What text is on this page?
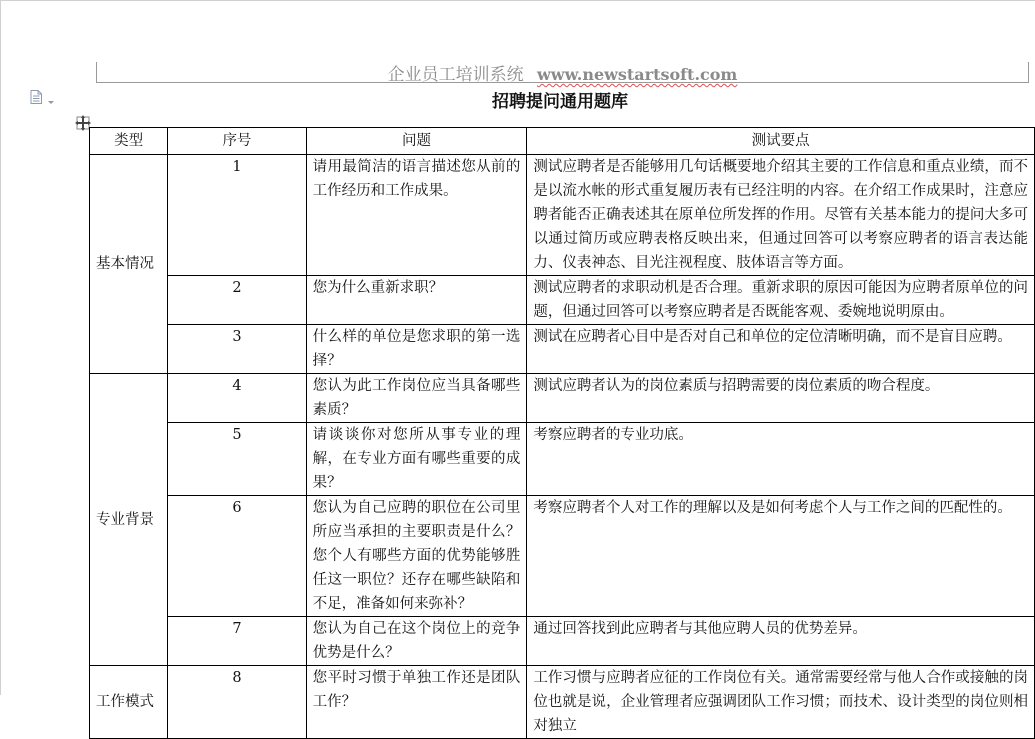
企业员工培训系统 www.newstartsoft.com
招聘提问通用题库
类型	序号	问题	测试要点
基本情况	1	请用最简洁的语言描述您从前的工作经历和工作成果。	测试应聘者是否能够用几句话概要地介绍其主要的工作信息和重点业绩，而不是以流水帐的形式重复履历表有已经注明的内容。在介绍工作成果时，注意应聘者能否正确表述其在原单位所发挥的作用。尽管有关基本能力的提问大多可以通过简历或应聘表格反映出来，但通过回答可以考察应聘者的语言表达能力、仪表神态、目光注视程度、肢体语言等方面。
	2	您为什么重新求职？	测试应聘者的求职动机是否合理。重新求职的原因可能因为应聘者原单位的问题，但通过回答可以考察应聘者是否既能客观、委婉地说明原由。
	3	什么样的单位是您求职的第一选择？	测试在应聘者心目中是否对自己和单位的定位清晰明确，而不是盲目应聘。
专业背景	4	您认为此工作岗位应当具备哪些素质？	测试应聘者认为的岗位素质与招聘需要的岗位素质的吻合程度。
	5	请谈谈你对您所从事专业的理解，在专业方面有哪些重要的成果？	考察应聘者的专业功底。
	6	您认为自己应聘的职位在公司里所应当承担的主要职责是什么？您个人有哪些方面的优势能够胜任这一职位？还存在哪些缺陷和不足，准备如何来弥补？	考察应聘者个人对工作的理解以及是如何考虑个人与工作之间的匹配性的。
	7	您认为自己在这个岗位上的竞争优势是什么？	通过回答找到此应聘者与其他应聘人员的优势差异。
工作模式	8	您平时习惯于单独工作还是团队工作？	工作习惯与应聘者应征的工作岗位有关。通常需要经常与他人合作或接触的岗位也就是说，企业管理者应强调团队工作习惯；而技术、设计类型的岗位则相对独立
